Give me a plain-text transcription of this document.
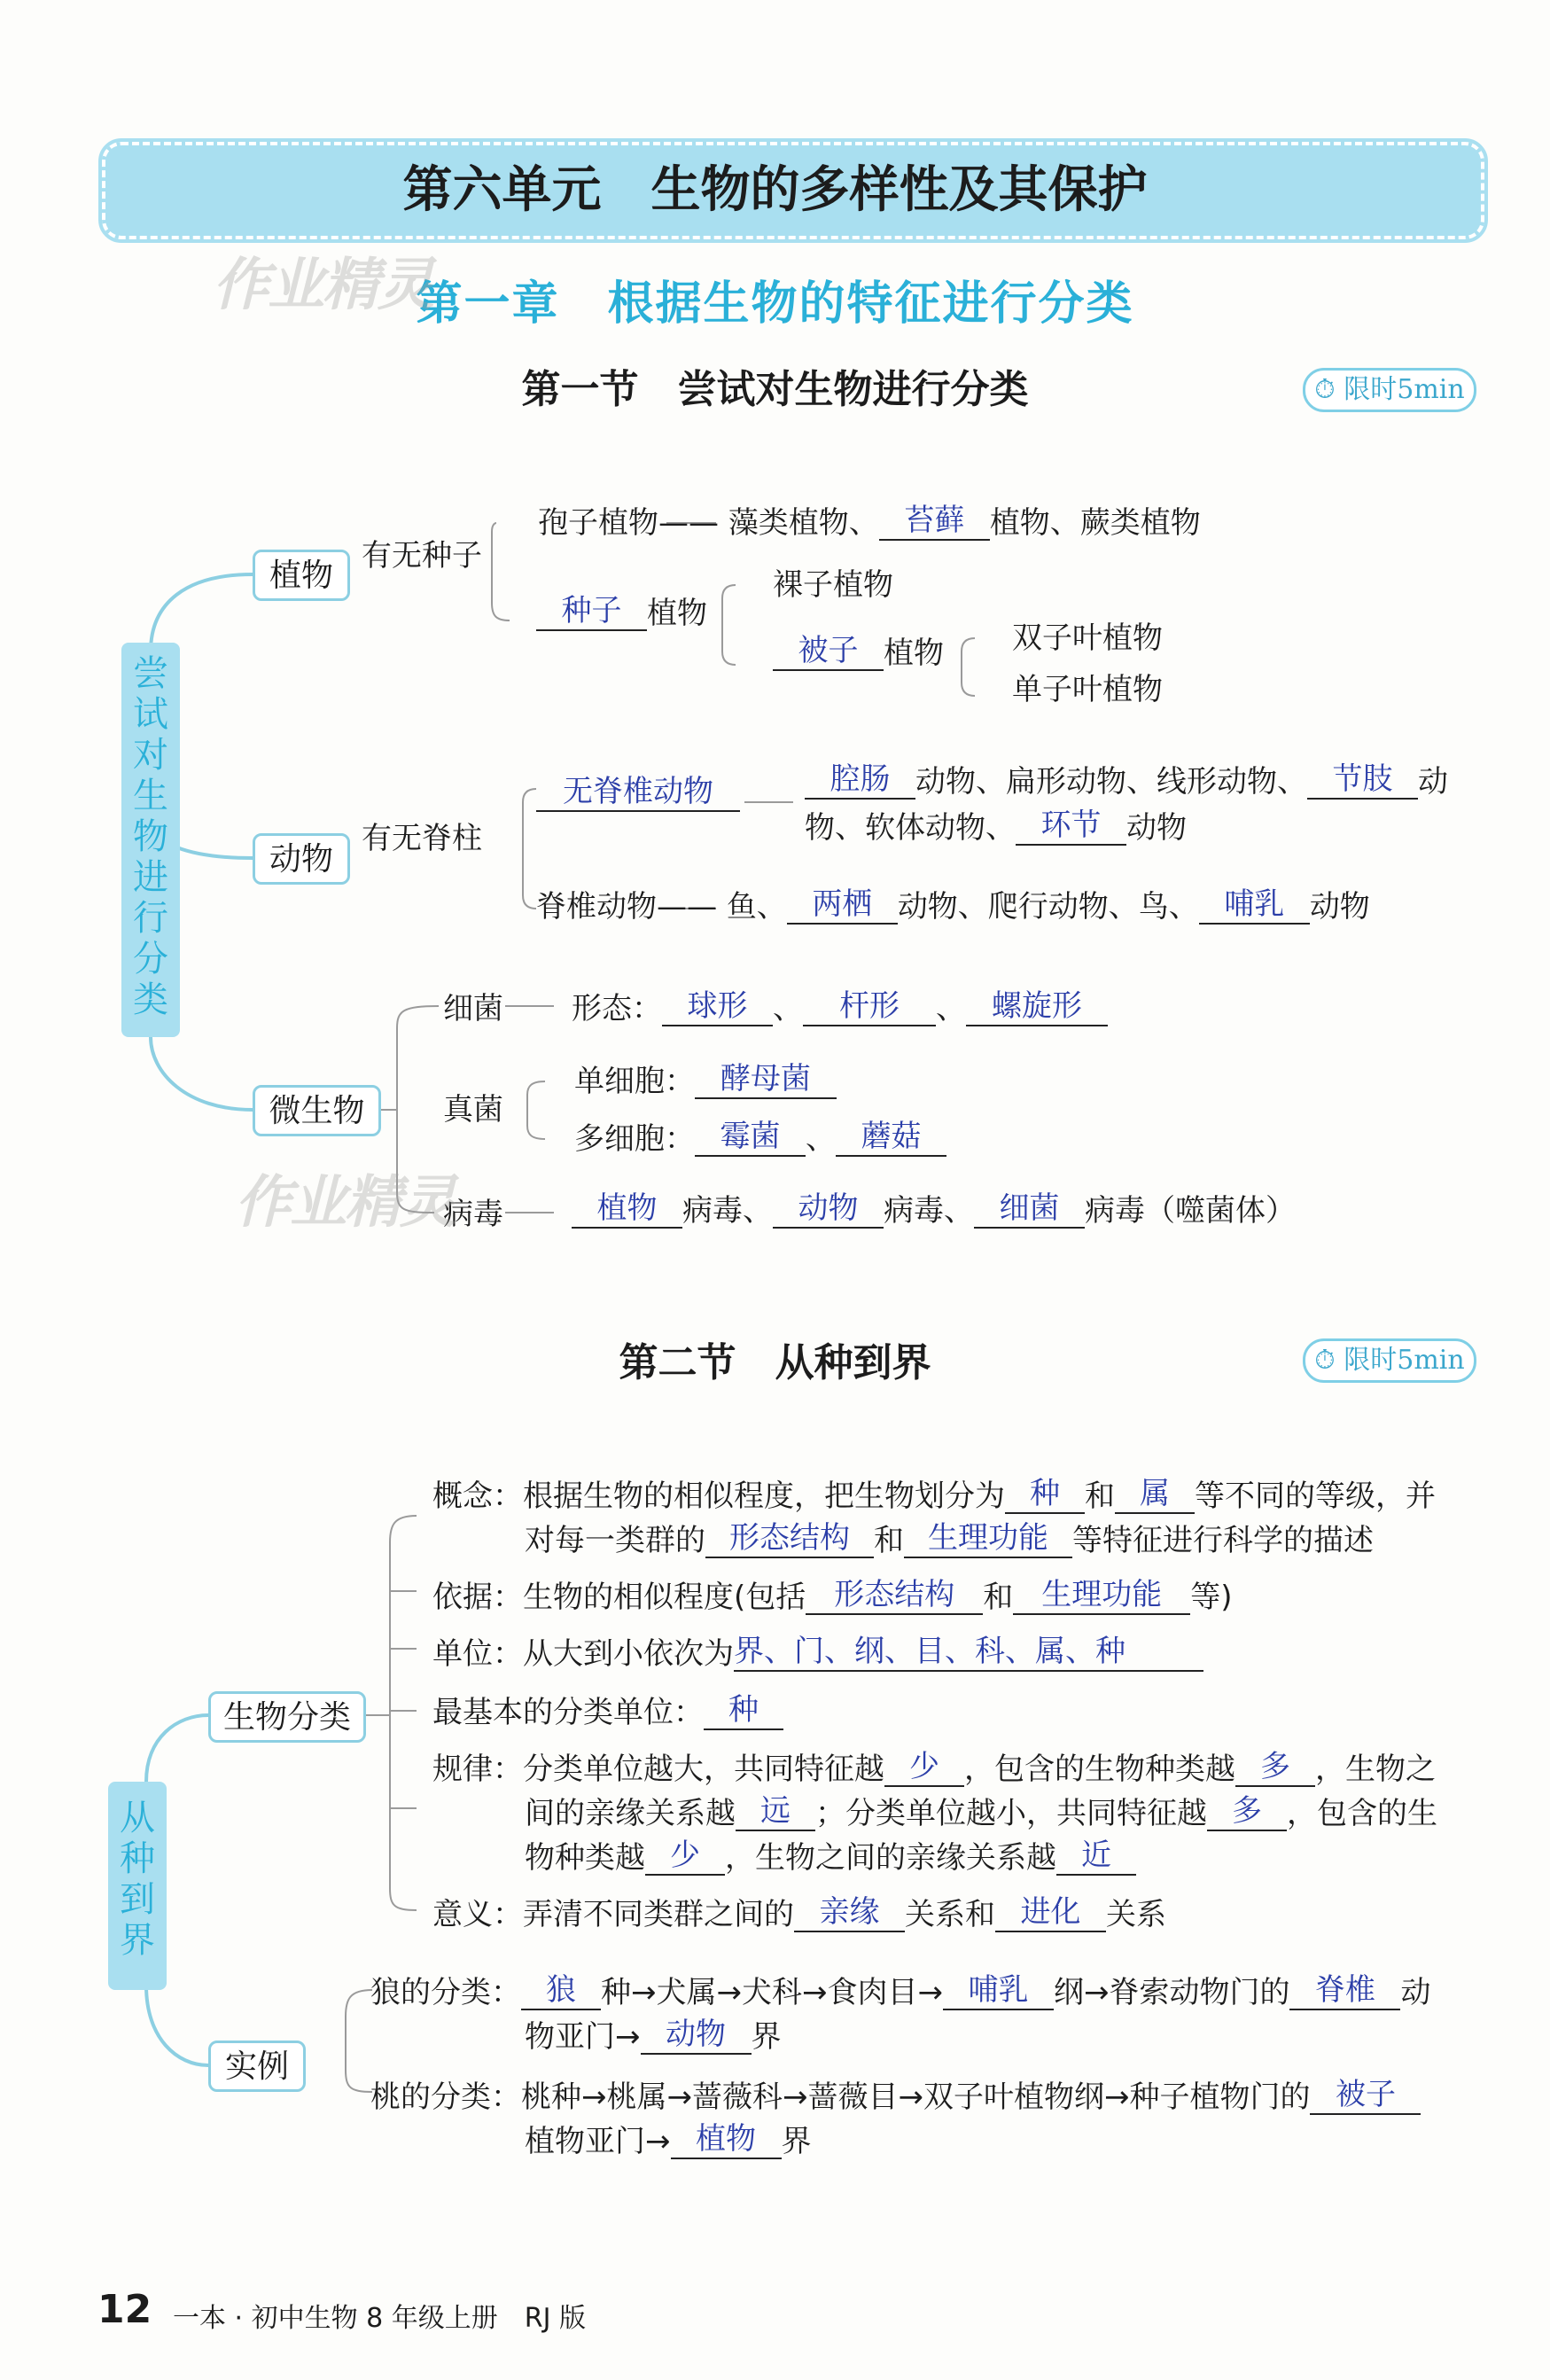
第六单元　生物的多样性及其保护
第一章　根据生物的特征进行分类
作业精灵
第一节　尝试对生物进行分类	⏱ 限时5min
尝
试
对
生
物
进
行
分
类
植物
有无种子
孢子植物—— 藻类植物、 苔藓 植物、蕨类植物
种子 植物
裸子植物
被子 植物 双子叶植物
单子叶植物
动物
有无脊柱
无脊椎动物	腔肠 动物、扁形动物、线形动物、 节肢 动
物、软体动物、 环节 动物
脊椎动物—— 鱼、 两栖 动物、爬行动物、鸟、 哺乳 动物
微生物
细菌 形态： 球形 、 杆形 、 螺旋形
真菌
单细胞： 酵母菌
多细胞： 霉菌 、 蘑菇
病毒	植物 病毒、 动物 病毒、 细菌 病毒（噬菌体）
作业精灵
第二节　从种到界	⏱ 限时5min
从
种
到
界
生物分类
实例
概念：根据生物的相似程度，把生物划分为 种 和 属 等不同的等级，并
对每一类群的 形态结构 和 生理功能 等特征进行科学的描述
依据：生物的相似程度(包括 形态结构 和 生理功能 等)
单位：从大到小依次为界、门、纲、目、科、属、种
最基本的分类单位： 种
规律：分类单位越大，共同特征越 少 ，包含的生物种类越 多 ，生物之
间的亲缘关系越 远 ；分类单位越小，共同特征越 多 ，包含的生
物种类越 少 ，生物之间的亲缘关系越 近
意义：弄清不同类群之间的 亲缘 关系和 进化 关系
狼的分类： 狼 种→犬属→犬科→食肉目→ 哺乳 纲→脊索动物门的 脊椎 动
物亚门→ 动物 界
桃的分类：桃种→桃属→蔷薇科→蔷薇目→双子叶植物纲→种子植物门的 被子
植物亚门→ 植物 界
12 一本 · 初中生物 8 年级上册　RJ 版
